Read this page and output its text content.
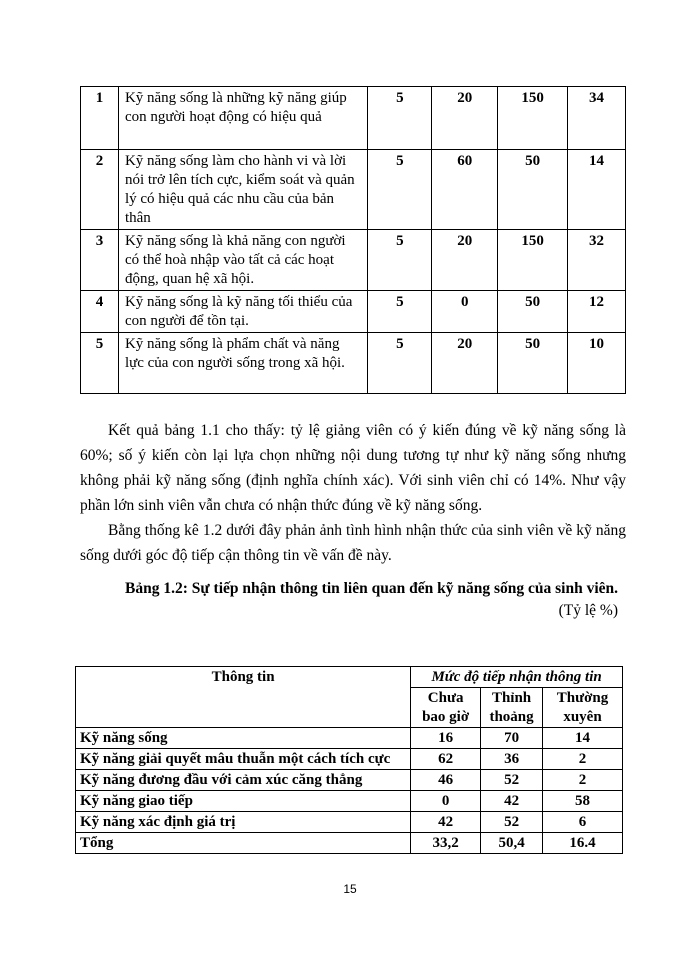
1	Kỹ năng sống là những kỹ năng giúp con người hoạt động có hiệu quả	5	20	150	34
2	Kỹ năng sống làm cho hành vi và lời nói trở lên tích cực, kiểm soát và quản lý có hiệu quả các nhu cầu của bản thân	5	60	50	14
3	Kỹ năng sống là khả năng con người có thể hoà nhập vào tất cả các hoạt động, quan hệ xã hội.	5	20	150	32
4	Kỹ năng sống là kỹ năng tối thiểu của con người để tồn tại.	5	0	50	12
5	Kỹ năng sống là phẩm chất và năng lực của con người sống trong xã hội.	5	20	50	10

Kết quả bảng 1.1 cho thấy: tỷ lệ giảng viên có ý kiến đúng về kỹ năng sống là 60%; số ý kiến còn lại lựa chọn những nội dung tương tự như kỹ năng sống nhưng không phải kỹ năng sống (định nghĩa chính xác). Với sinh viên chỉ có 14%. Như vậy phần lớn sinh viên vẫn chưa có nhận thức đúng về kỹ năng sống.

Bằng thống kê 1.2 dưới đây phản ảnh tình hình nhận thức của sinh viên về kỹ năng sống dưới góc độ tiếp cận thông tin về vấn đề này.

Bảng 1.2: Sự tiếp nhận thông tin liên quan đến kỹ năng sống của sinh viên.

(Tỷ lệ %)

Thông tin	Mức độ tiếp nhận thông tin		
	Chưa bao giờ	Thỉnh thoảng	Thường xuyên
Kỹ năng sống	16	70	14
Kỹ năng giải quyết mâu thuẫn một cách tích cực	62	36	2
Kỹ năng đương đầu với cảm xúc căng thẳng	46	52	2
Kỹ năng giao tiếp	0	42	58
Kỹ năng xác định giá trị	42	52	6
Tổng	33,2	50,4	16.4
15
